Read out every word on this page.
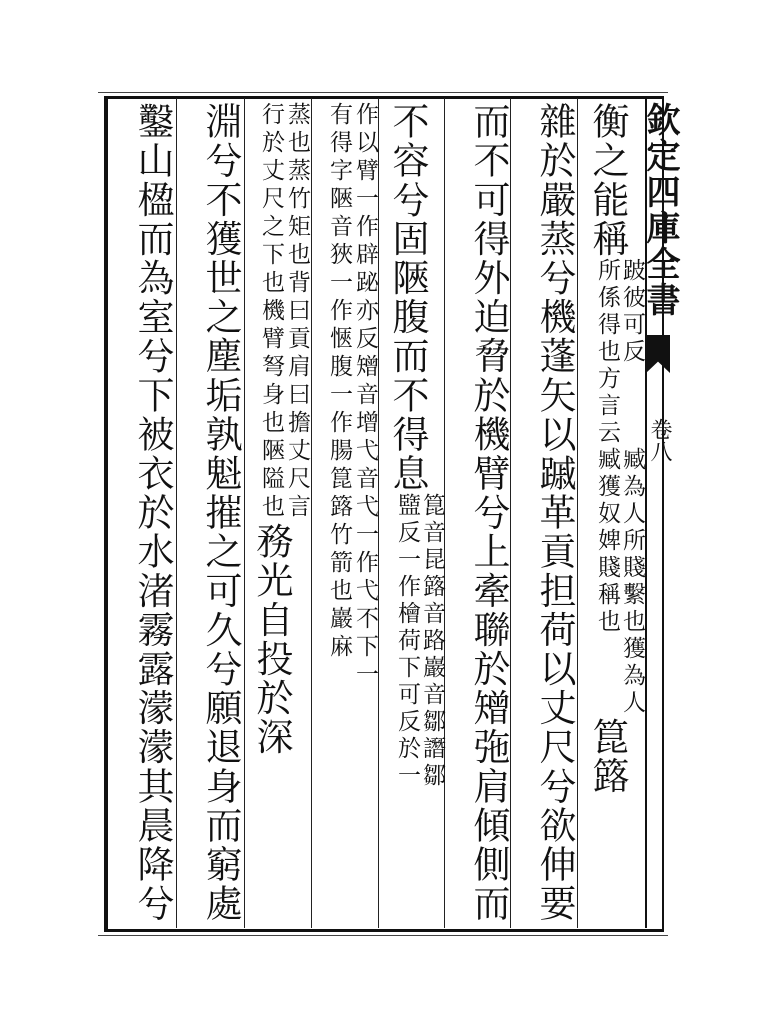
欽定四庫全書
卷八
衡之能稱
跛彼可反
所係得也方言云
臧為人所賤繫也獲為人
臧獲奴婢賤稱也
箟簬
雜於嚴蒸兮機蓬矢以䠞革貢担荷以丈尺兮欲伸要
而不可得外迫脅於機臂兮上牽聯於矰㢮肩傾側而
不容兮固陿腹而不得息
箟音昆簬音路巖音鄒譖鄒
盬反一作檜荷下可反於一
作以臂一作辟䟤亦反矰音增弋音弋一作弋不下一
有得字陿音狹一作愜腹一作腸箟簬竹箭也巖麻
蒸也蒸竹矩也背曰貢肩曰擔丈尺言
行於丈尺之下也機臂弩身也陿隘也
務光自投於深
淵兮不獲世之塵垢孰魁摧之可久兮願退身而窮處
鑿山楹而為室兮下被衣於水渚霧露濛濛其晨降兮
